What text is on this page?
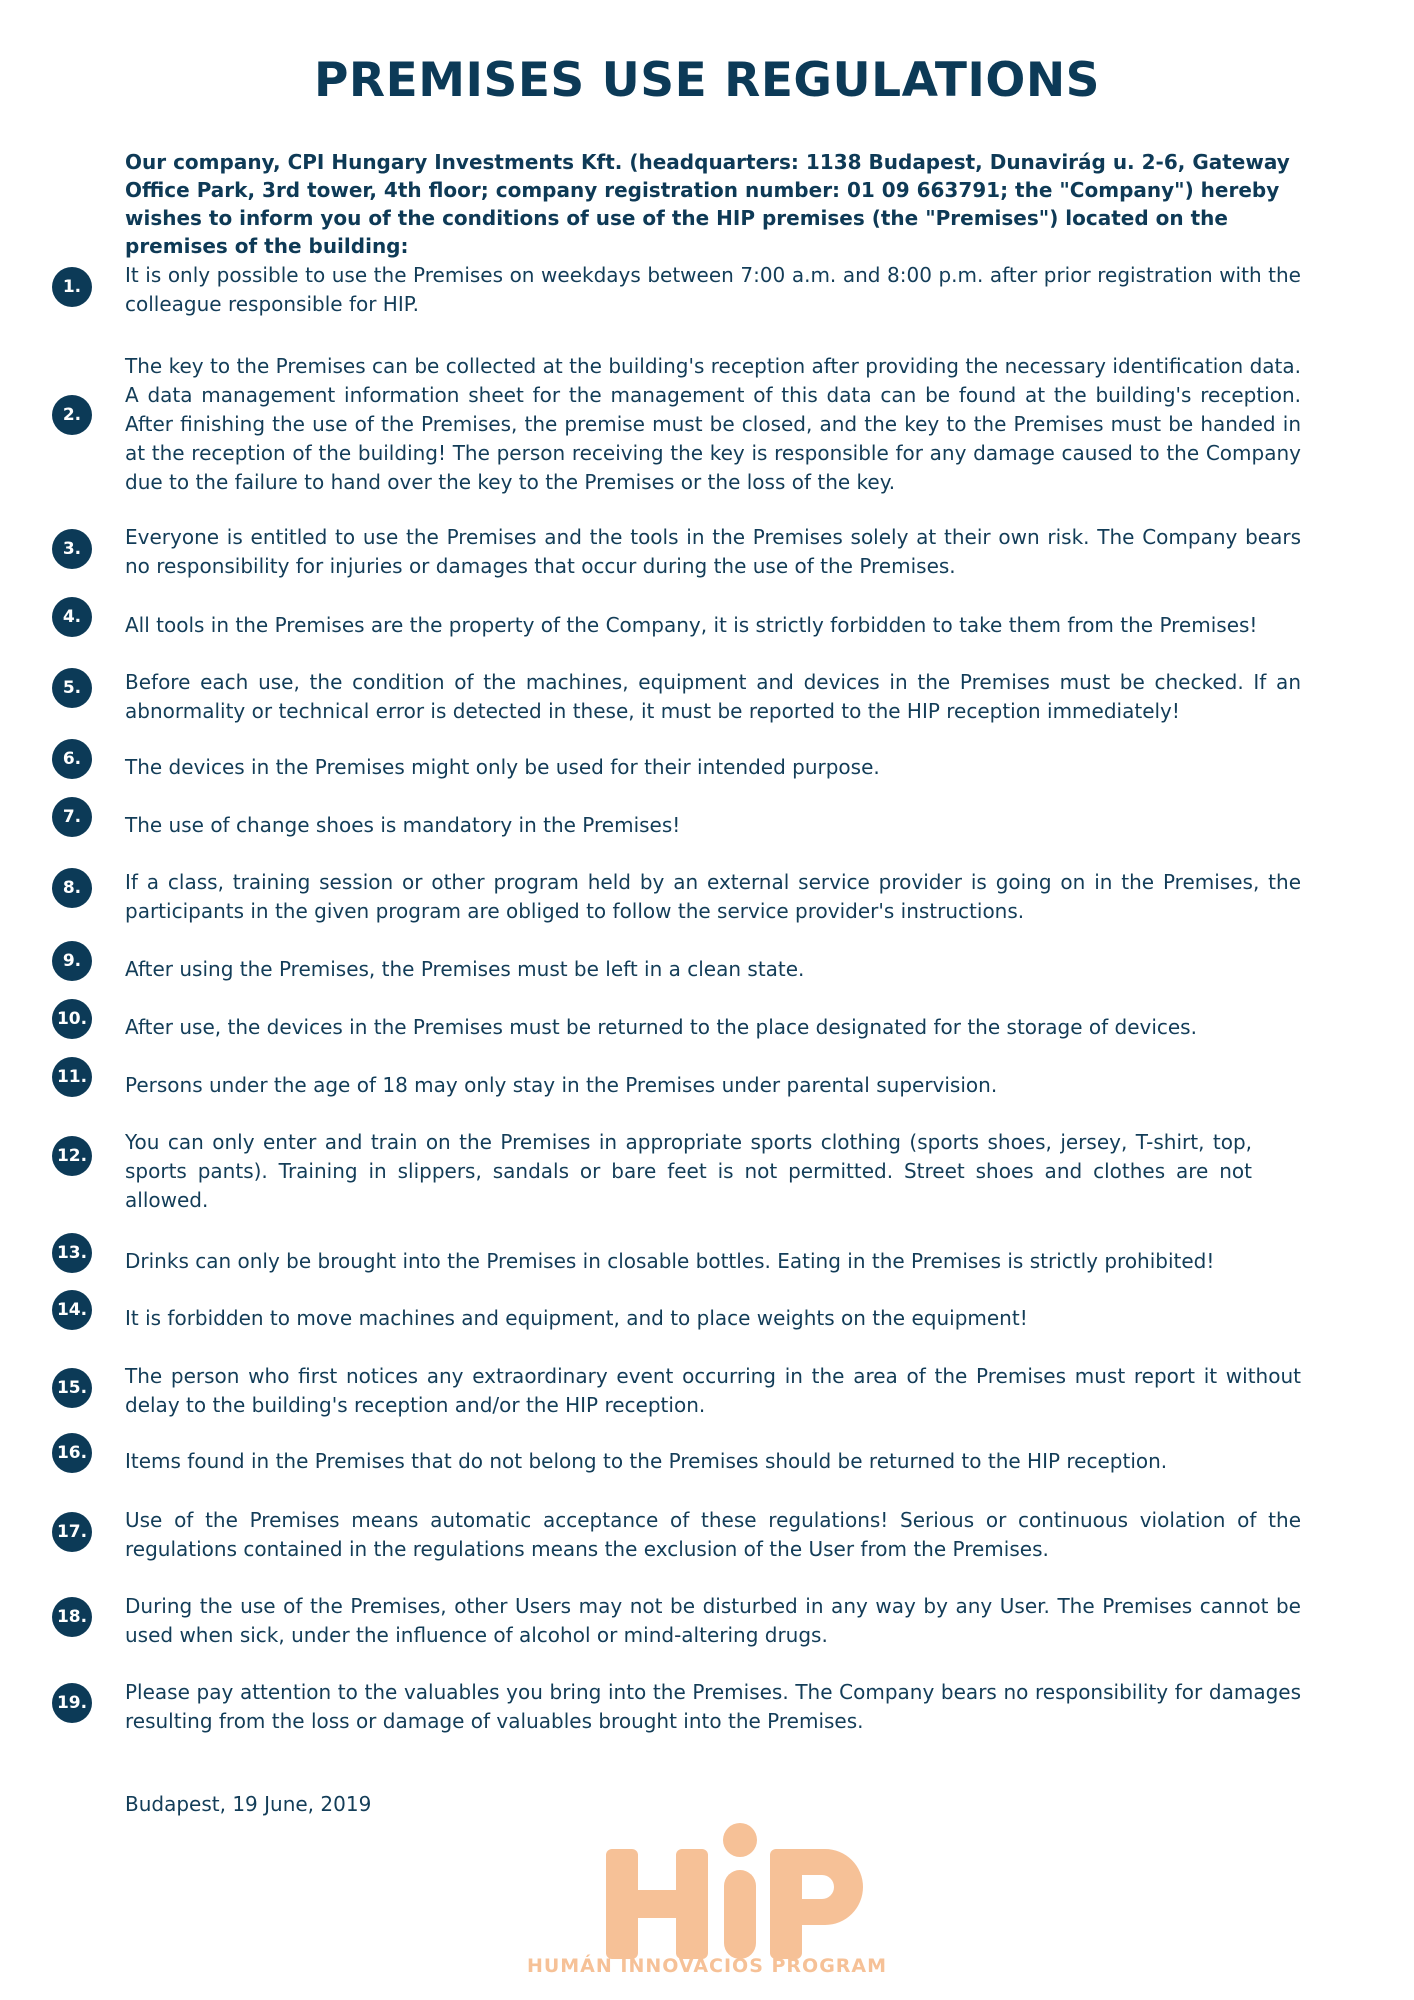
PREMISES USE REGULATIONS

Our company, CPI Hungary Investments Kft. (headquarters: 1138 Budapest, Dunavirág u. 2-6, Gateway Office Park, 3rd tower, 4th floor; company registration number: 01 09 663791; the "Company") hereby wishes to inform you of the conditions of use of the HIP premises (the "Premises") located on the premises of the building:

1.	It is only possible to use the Premises on weekdays between 7:00 a.m. and 8:00 p.m. after prior registration with the colleague responsible for HIP.

2.

The key to the Premises can be collected at the building's reception after providing the necessary identification data. A data management information sheet for the management of this data can be found at the building's reception. After finishing the use of the Premises, the premise must be closed, and the key to the Premises must be handed in at the reception of the building! The person receiving the key is responsible for any damage caused to the Company due to the failure to hand over the key to the Premises or the loss of the key.

3.	Everyone is entitled to use the Premises and the tools in the Premises solely at their own risk. The Company bears no responsibility for injuries or damages that occur during the use of the Premises.

4.	All tools in the Premises are the property of the Company, it is strictly forbidden to take them from the Premises!

5.	Before each use, the condition of the machines, equipment and devices in the Premises must be checked. If an abnormality or technical error is detected in these, it must be reported to the HIP reception immediately!

6.	The devices in the Premises might only be used for their intended purpose.

7.	The use of change shoes is mandatory in the Premises!

8.	If a class, training session or other program held by an external service provider is going on in the Premises, the participants in the given program are obliged to follow the service provider's instructions.

9.	After using the Premises, the Premises must be left in a clean state.

10. After use, the devices in the Premises must be returned to the place designated for the storage of devices.

11. Persons under the age of 18 may only stay in the Premises under parental supervision.

12.

You can only enter and train on the Premises in appropriate sports clothing (sports shoes, jersey, T-shirt, top, sports pants). Training in slippers, sandals or bare feet is not permitted. Street shoes and clothes are not allowed.

13. Drinks can only be brought into the Premises in closable bottles. Eating in the Premises is strictly prohibited!

14. It is forbidden to move machines and equipment, and to place weights on the equipment!

15. The person who first notices any extraordinary event occurring in the area of the Premises must report it without delay to the building's reception and/or the HIP reception.

16. Items found in the Premises that do not belong to the Premises should be returned to the HIP reception.

17. Use of the Premises means automatic acceptance of these regulations! Serious or continuous violation of the regulations contained in the regulations means the exclusion of the User from the Premises.

18. During the use of the Premises, other Users may not be disturbed in any way by any User. The Premises cannot be used when sick, under the influence of alcohol or mind-altering drugs.

19. Please pay attention to the valuables you bring into the Premises. The Company bears no responsibility for damages resulting from the loss or damage of valuables brought into the Premises.

Budapest, 19 June, 2019

HUMÁN INNOVÁCIÓS PROGRAM
